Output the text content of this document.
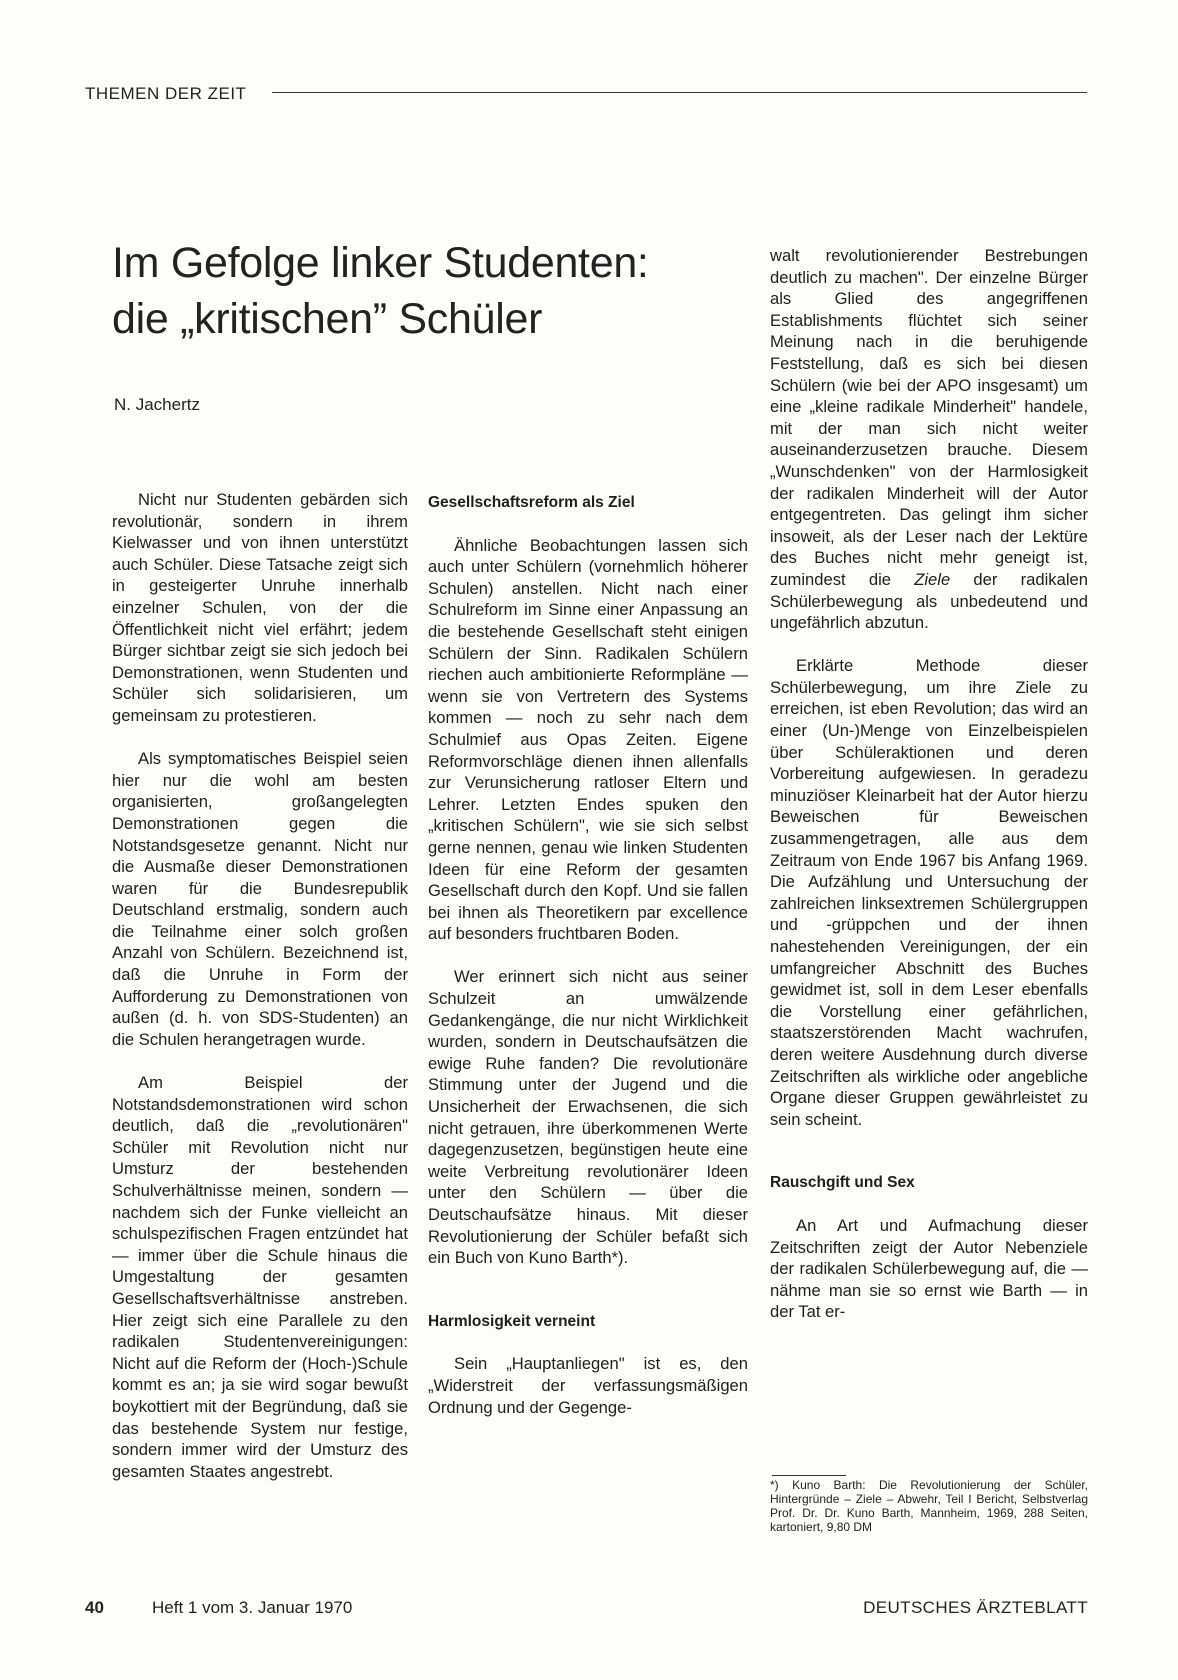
THEMEN DER ZEIT
Im Gefolge linker Studenten:
die „kritischen” Schüler
N. Jachertz

Nicht nur Studenten gebärden sich revolutionär, sondern in ihrem Kielwasser und von ihnen unterstützt auch Schüler. Diese Tatsache zeigt sich in gesteigerter Unruhe innerhalb einzelner Schulen, von der die Öffentlichkeit nicht viel erfährt; jedem Bürger sichtbar zeigt sie sich jedoch bei Demonstrationen, wenn Studenten und Schüler sich solidarisieren, um gemeinsam zu protestieren.

Als symptomatisches Beispiel seien hier nur die wohl am besten organisierten, großangelegten Demonstrationen gegen die Notstandsgesetze genannt. Nicht nur die Ausmaße dieser Demonstrationen waren für die Bundesrepublik Deutschland erstmalig, sondern auch die Teilnahme einer solch großen Anzahl von Schülern. Bezeichnend ist, daß die Unruhe in Form der Aufforderung zu Demonstrationen von außen (d. h. von SDS-Studenten) an die Schulen herangetragen wurde.

Am Beispiel der Notstandsdemonstrationen wird schon deutlich, daß die „revolutionären" Schüler mit Revolution nicht nur Umsturz der bestehenden Schulverhältnisse meinen, sondern — nachdem sich der Funke vielleicht an schulspezifischen Fragen entzündet hat — immer über die Schule hinaus die Umgestaltung der gesamten Gesellschaftsverhältnisse anstreben. Hier zeigt sich eine Parallele zu den radikalen Studentenvereinigungen: Nicht auf die Reform der (Hoch-)Schule kommt es an; ja sie wird sogar bewußt boykottiert mit der Begründung, daß sie das bestehende System nur festige, sondern immer wird der Umsturz des gesamten Staates angestrebt.

Gesellschaftsreform als Ziel

Ähnliche Beobachtungen lassen sich auch unter Schülern (vornehmlich höherer Schulen) anstellen. Nicht nach einer Schulreform im Sinne einer Anpassung an die bestehende Gesellschaft steht einigen Schülern der Sinn. Radikalen Schülern riechen auch ambitionierte Reformpläne — wenn sie von Vertretern des Systems kommen — noch zu sehr nach dem Schulmief aus Opas Zeiten. Eigene Reformvorschläge dienen ihnen allenfalls zur Verunsicherung ratloser Eltern und Lehrer. Letzten Endes spuken den „kritischen Schülern", wie sie sich selbst gerne nennen, genau wie linken Studenten Ideen für eine Reform der gesamten Gesellschaft durch den Kopf. Und sie fallen bei ihnen als Theoretikern par excellence auf besonders fruchtbaren Boden.

Wer erinnert sich nicht aus seiner Schulzeit an umwälzende Gedankengänge, die nur nicht Wirklichkeit wurden, sondern in Deutschaufsätzen die ewige Ruhe fanden? Die revolutionäre Stimmung unter der Jugend und die Unsicherheit der Erwachsenen, die sich nicht getrauen, ihre überkommenen Werte dagegenzusetzen, begünstigen heute eine weite Verbreitung revolutionärer Ideen unter den Schülern — über die Deutschaufsätze hinaus. Mit dieser Revolutionierung der Schüler befaßt sich ein Buch von Kuno Barth*).

Harmlosigkeit verneint

Sein „Hauptanliegen" ist es, den „Widerstreit der verfassungsmäßigen Ordnung und der Gegenge-

walt revolutionierender Bestrebungen deutlich zu machen". Der einzelne Bürger als Glied des angegriffenen Establishments flüchtet sich seiner Meinung nach in die beruhigende Feststellung, daß es sich bei diesen Schülern (wie bei der APO insgesamt) um eine „kleine radikale Minderheit" handele, mit der man sich nicht weiter auseinanderzusetzen brauche. Diesem „Wunschdenken" von der Harmlosigkeit der radikalen Minderheit will der Autor entgegentreten. Das gelingt ihm sicher insoweit, als der Leser nach der Lektüre des Buches nicht mehr geneigt ist, zumindest die Ziele der radikalen Schülerbewegung als unbedeutend und ungefährlich abzutun.

Erklärte Methode dieser Schülerbewegung, um ihre Ziele zu erreichen, ist eben Revolution; das wird an einer (Un-)Menge von Einzelbeispielen über Schüleraktionen und deren Vorbereitung aufgewiesen. In geradezu minuziöser Kleinarbeit hat der Autor hierzu Beweischen für Beweischen zusammengetragen, alle aus dem Zeitraum von Ende 1967 bis Anfang 1969. Die Aufzählung und Untersuchung der zahlreichen linksextremen Schülergruppen und -grüppchen und der ihnen nahestehenden Vereinigungen, der ein umfangreicher Abschnitt des Buches gewidmet ist, soll in dem Leser ebenfalls die Vorstellung einer gefährlichen, staatszerstörenden Macht wachrufen, deren weitere Ausdehnung durch diverse Zeitschriften als wirkliche oder angebliche Organe dieser Gruppen gewährleistet zu sein scheint.

Rauschgift und Sex

An Art und Aufmachung dieser Zeitschriften zeigt der Autor Nebenziele der radikalen Schülerbewegung auf, die — nähme man sie so ernst wie Barth — in der Tat er-

*) Kuno Barth: Die Revolutionierung der Schüler, Hintergründe – Ziele – Abwehr, Teil I Bericht, Selbstverlag Prof. Dr. Dr. Kuno Barth, Mannheim, 1969, 288 Seiten, kartoniert, 9,80 DM
40	Heft 1 vom 3. Januar 1970	DEUTSCHES ÄRZTEBLATT
